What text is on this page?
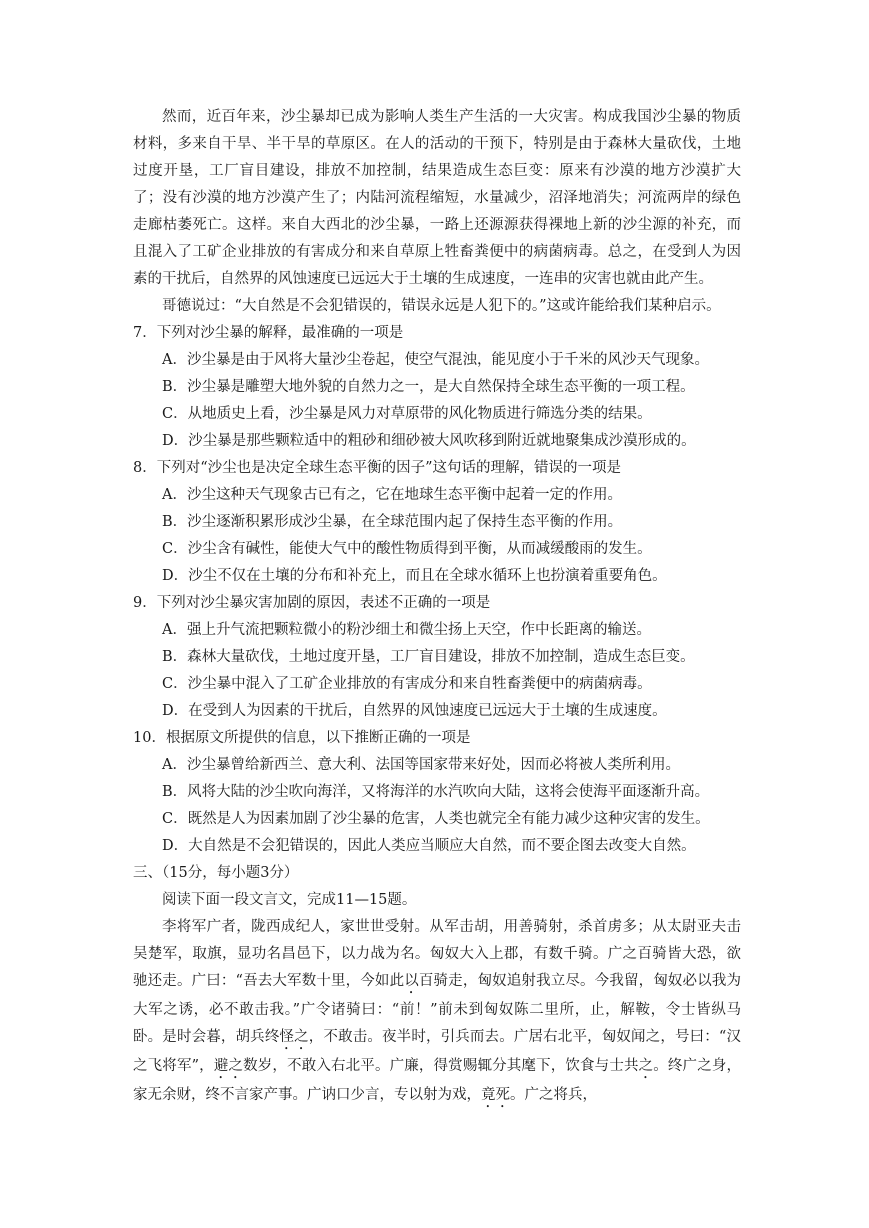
然而，近百年来，沙尘暴却已成为影响人类生产生活的一大灾害。构成我国沙尘暴的物质材料，多来自干旱、半干旱的草原区。在人的活动的干预下，特别是由于森林大量砍伐，土地过度开垦，工厂盲目建设，排放不加控制，结果造成生态巨变：原来有沙漠的地方沙漠扩大了；没有沙漠的地方沙漠产生了；内陆河流程缩短，水量减少，沼泽地消失；河流两岸的绿色走廊枯萎死亡。这样。来自大西北的沙尘暴，一路上还源源获得裸地上新的沙尘源的补充，而且混入了工矿企业排放的有害成分和来自草原上牲畜粪便中的病菌病毒。总之，在受到人为因素的干扰后，自然界的风蚀速度已远远大于土壤的生成速度，一连串的灾害也就由此产生。

哥德说过：“大自然是不会犯错误的，错误永远是人犯下的。”这或许能给我们某种启示。

7．下列对沙尘暴的解释，最准确的一项是

A．沙尘暴是由于风将大量沙尘卷起，使空气混浊，能见度小于千米的风沙天气现象。

B．沙尘暴是雕塑大地外貌的自然力之一，是大自然保持全球生态平衡的一项工程。

C．从地质史上看，沙尘暴是风力对草原带的风化物质进行筛选分类的结果。

D．沙尘暴是那些颗粒适中的粗砂和细砂被大风吹移到附近就地聚集成沙漠形成的。

8．下列对“沙尘也是决定全球生态平衡的因子”这句话的理解，错误的一项是

A．沙尘这种天气现象古已有之，它在地球生态平衡中起着一定的作用。

B．沙尘逐渐积累形成沙尘暴，在全球范围内起了保持生态平衡的作用。

C．沙尘含有碱性，能使大气中的酸性物质得到平衡，从而减缓酸雨的发生。

D．沙尘不仅在土壤的分布和补充上，而且在全球水循环上也扮演着重要角色。

9．下列对沙尘暴灾害加剧的原因，表述不正确的一项是

A．强上升气流把颗粒微小的粉沙细土和微尘扬上天空，作中长距离的输送。

B．森林大量砍伐，土地过度开垦，工厂盲目建设，排放不加控制，造成生态巨变。

C．沙尘暴中混入了工矿企业排放的有害成分和来自牲畜粪便中的病菌病毒。

D．在受到人为因素的干扰后，自然界的风蚀速度已远远大于土壤的生成速度。

10．根据原文所提供的信息，以下推断正确的一项是

A．沙尘暴曾给新西兰、意大利、法国等国家带来好处，因而必将被人类所利用。

B．风将大陆的沙尘吹向海洋，又将海洋的水汽吹向大陆，这将会使海平面逐渐升高。

C．既然是人为因素加剧了沙尘暴的危害，人类也就完全有能力减少这种灾害的发生。

D．大自然是不会犯错误的，因此人类应当顺应大自然，而不要企图去改变大自然。

三、（15分，每小题3分）

阅读下面一段文言文，完成11—15题。

李将军广者，陇西成纪人，家世世受射。从军击胡，用善骑射，杀首虏多；从太尉亚夫击吴楚军，取旗，显功名昌邑下，以力战为名。匈奴大入上郡，有数千骑。广之百骑皆大恐，欲驰还走。广曰：“吾去大军数十里，今如此以百骑走，匈奴追射我立尽。今我留，匈奴必以我为大军之诱，必不敢击我。”广令诸骑曰：“前！”前未到匈奴陈二里所，止，解鞍，令士皆纵马卧。是时会暮，胡兵终怪之，不敢击。夜半时，引兵而去。广居右北平，匈奴闻之，号曰：“汉之飞将军”，避之数岁，不敢入右北平。广廉，得赏赐辄分其麾下，饮食与士共之。终广之身，家无余财，终不言家产事。广讷口少言，专以射为戏，竟死。广之将兵，
